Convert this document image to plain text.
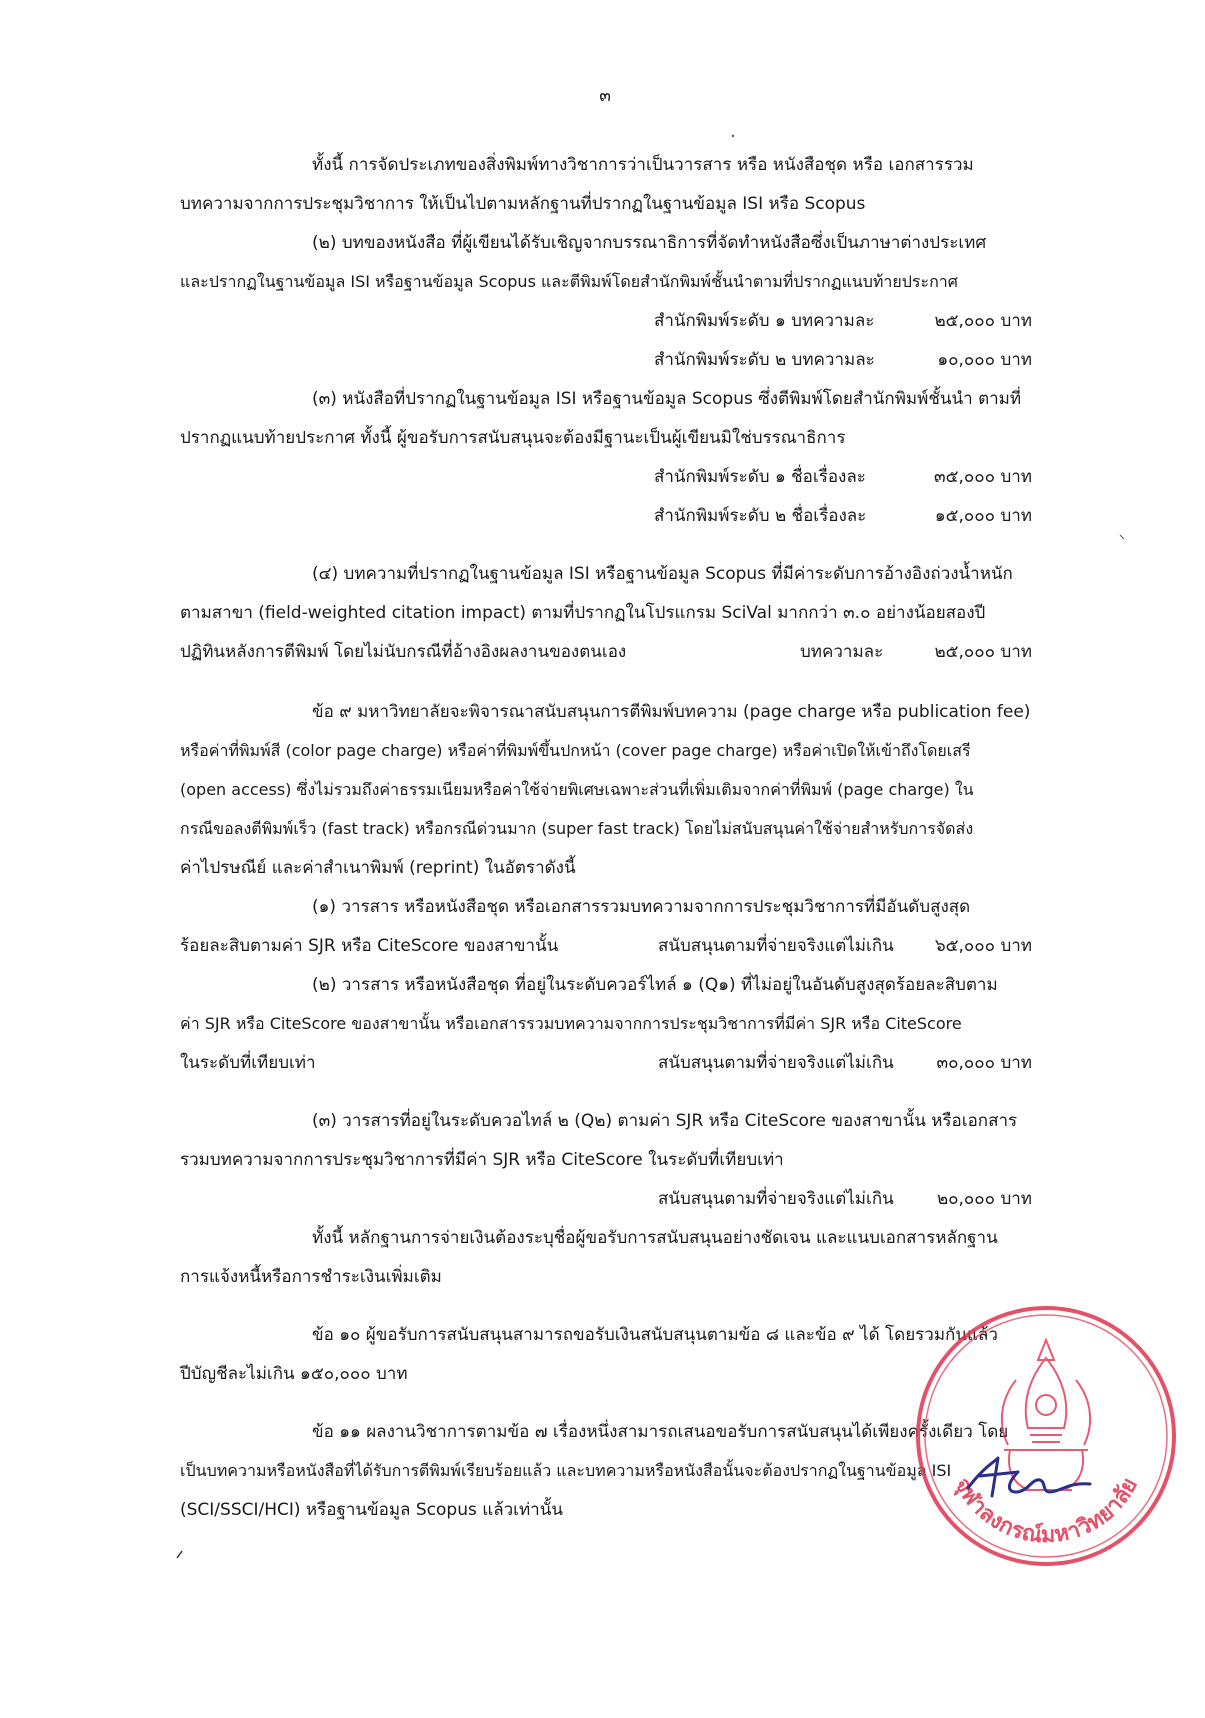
๓
ทั้งนี้ การจัดประเภทของสิ่งพิมพ์ทางวิชาการว่าเป็นวารสาร หรือ หนังสือชุด หรือ เอกสารรวม
บทความจากการประชุมวิชาการ ให้เป็นไปตามหลักฐานที่ปรากฏในฐานข้อมูล ISI หรือ Scopus
(๒) บทของหนังสือ ที่ผู้เขียนได้รับเชิญจากบรรณาธิการที่จัดทำหนังสือซึ่งเป็นภาษาต่างประเทศ
และปรากฏในฐานข้อมูล ISI หรือฐานข้อมูล Scopus และตีพิมพ์โดยสำนักพิมพ์ชั้นนำตามที่ปรากฏแนบท้ายประกาศ
สำนักพิมพ์ระดับ ๑ บทความละ	๒๕,๐๐๐ บาท
สำนักพิมพ์ระดับ ๒ บทความละ	๑๐,๐๐๐ บาท
(๓) หนังสือที่ปรากฏในฐานข้อมูล ISI หรือฐานข้อมูล Scopus ซึ่งตีพิมพ์โดยสำนักพิมพ์ชั้นนำ ตามที่
ปรากฏแนบท้ายประกาศ ทั้งนี้ ผู้ขอรับการสนับสนุนจะต้องมีฐานะเป็นผู้เขียนมิใช่บรรณาธิการ
สำนักพิมพ์ระดับ ๑ ชื่อเรื่องละ	๓๕,๐๐๐ บาท
สำนักพิมพ์ระดับ ๒ ชื่อเรื่องละ	๑๕,๐๐๐ บาท
(๔) บทความที่ปรากฏในฐานข้อมูล ISI หรือฐานข้อมูล Scopus ที่มีค่าระดับการอ้างอิงถ่วงน้ำหนัก
ตามสาขา (field-weighted citation impact) ตามที่ปรากฏในโปรแกรม SciVal มากกว่า ๓.๐ อย่างน้อยสองปี
ปฏิทินหลังการตีพิมพ์ โดยไม่นับกรณีที่อ้างอิงผลงานของตนเอง	บทความละ	๒๕,๐๐๐ บาท
ข้อ ๙ มหาวิทยาลัยจะพิจารณาสนับสนุนการตีพิมพ์บทความ (page charge หรือ publication fee)
หรือค่าที่พิมพ์สี (color page charge) หรือค่าที่พิมพ์ขึ้นปกหน้า (cover page charge) หรือค่าเปิดให้เข้าถึงโดยเสรี
(open access) ซึ่งไม่รวมถึงค่าธรรมเนียมหรือค่าใช้จ่ายพิเศษเฉพาะส่วนที่เพิ่มเติมจากค่าที่พิมพ์ (page charge) ใน
กรณีขอลงตีพิมพ์เร็ว (fast track) หรือกรณีด่วนมาก (super fast track) โดยไม่สนับสนุนค่าใช้จ่ายสำหรับการจัดส่ง
ค่าไปรษณีย์ และค่าสำเนาพิมพ์ (reprint) ในอัตราดังนี้
(๑) วารสาร หรือหนังสือชุด หรือเอกสารรวมบทความจากการประชุมวิชาการที่มีอันดับสูงสุด
ร้อยละสิบตามค่า SJR หรือ CiteScore ของสาขานั้น	สนับสนุนตามที่จ่ายจริงแต่ไม่เกิน ๖๕,๐๐๐ บาท
(๒) วารสาร หรือหนังสือชุด ที่อยู่ในระดับควอร์ไทล์ ๑ (Q๑) ที่ไม่อยู่ในอันดับสูงสุดร้อยละสิบตาม
ค่า SJR หรือ CiteScore ของสาขานั้น หรือเอกสารรวมบทความจากการประชุมวิชาการที่มีค่า SJR หรือ CiteScore
ในระดับที่เทียบเท่า	สนับสนุนตามที่จ่ายจริงแต่ไม่เกิน	๓๐,๐๐๐ บาท
(๓) วารสารที่อยู่ในระดับควอไทล์ ๒ (Q๒) ตามค่า SJR หรือ CiteScore ของสาขานั้น หรือเอกสาร
รวมบทความจากการประชุมวิชาการที่มีค่า SJR หรือ CiteScore ในระดับที่เทียบเท่า
สนับสนุนตามที่จ่ายจริงแต่ไม่เกิน	๒๐,๐๐๐ บาท
ทั้งนี้ หลักฐานการจ่ายเงินต้องระบุชื่อผู้ขอรับการสนับสนุนอย่างชัดเจน และแนบเอกสารหลักฐาน
การแจ้งหนี้หรือการชำระเงินเพิ่มเติม
ข้อ ๑๐ ผู้ขอรับการสนับสนุนสามารถขอรับเงินสนับสนุนตามข้อ ๘ และข้อ ๙ ได้ โดยรวมกันแล้ว
ปีบัญชีละไม่เกิน ๑๕๐,๐๐๐ บาท
ข้อ ๑๑ ผลงานวิชาการตามข้อ ๗ เรื่องหนึ่งสามารถเสนอขอรับการสนับสนุนได้เพียงครั้งเดียว โดย
เป็นบทความหรือหนังสือที่ได้รับการตีพิมพ์เรียบร้อยแล้ว และบทความหรือหนังสือนั้นจะต้องปรากฏในฐานข้อมูล ISI
(SCI/SSCI/HCI) หรือฐานข้อมูล Scopus แล้วเท่านั้น
จุฬาลงกรณ์มหาวิทยาลัย
